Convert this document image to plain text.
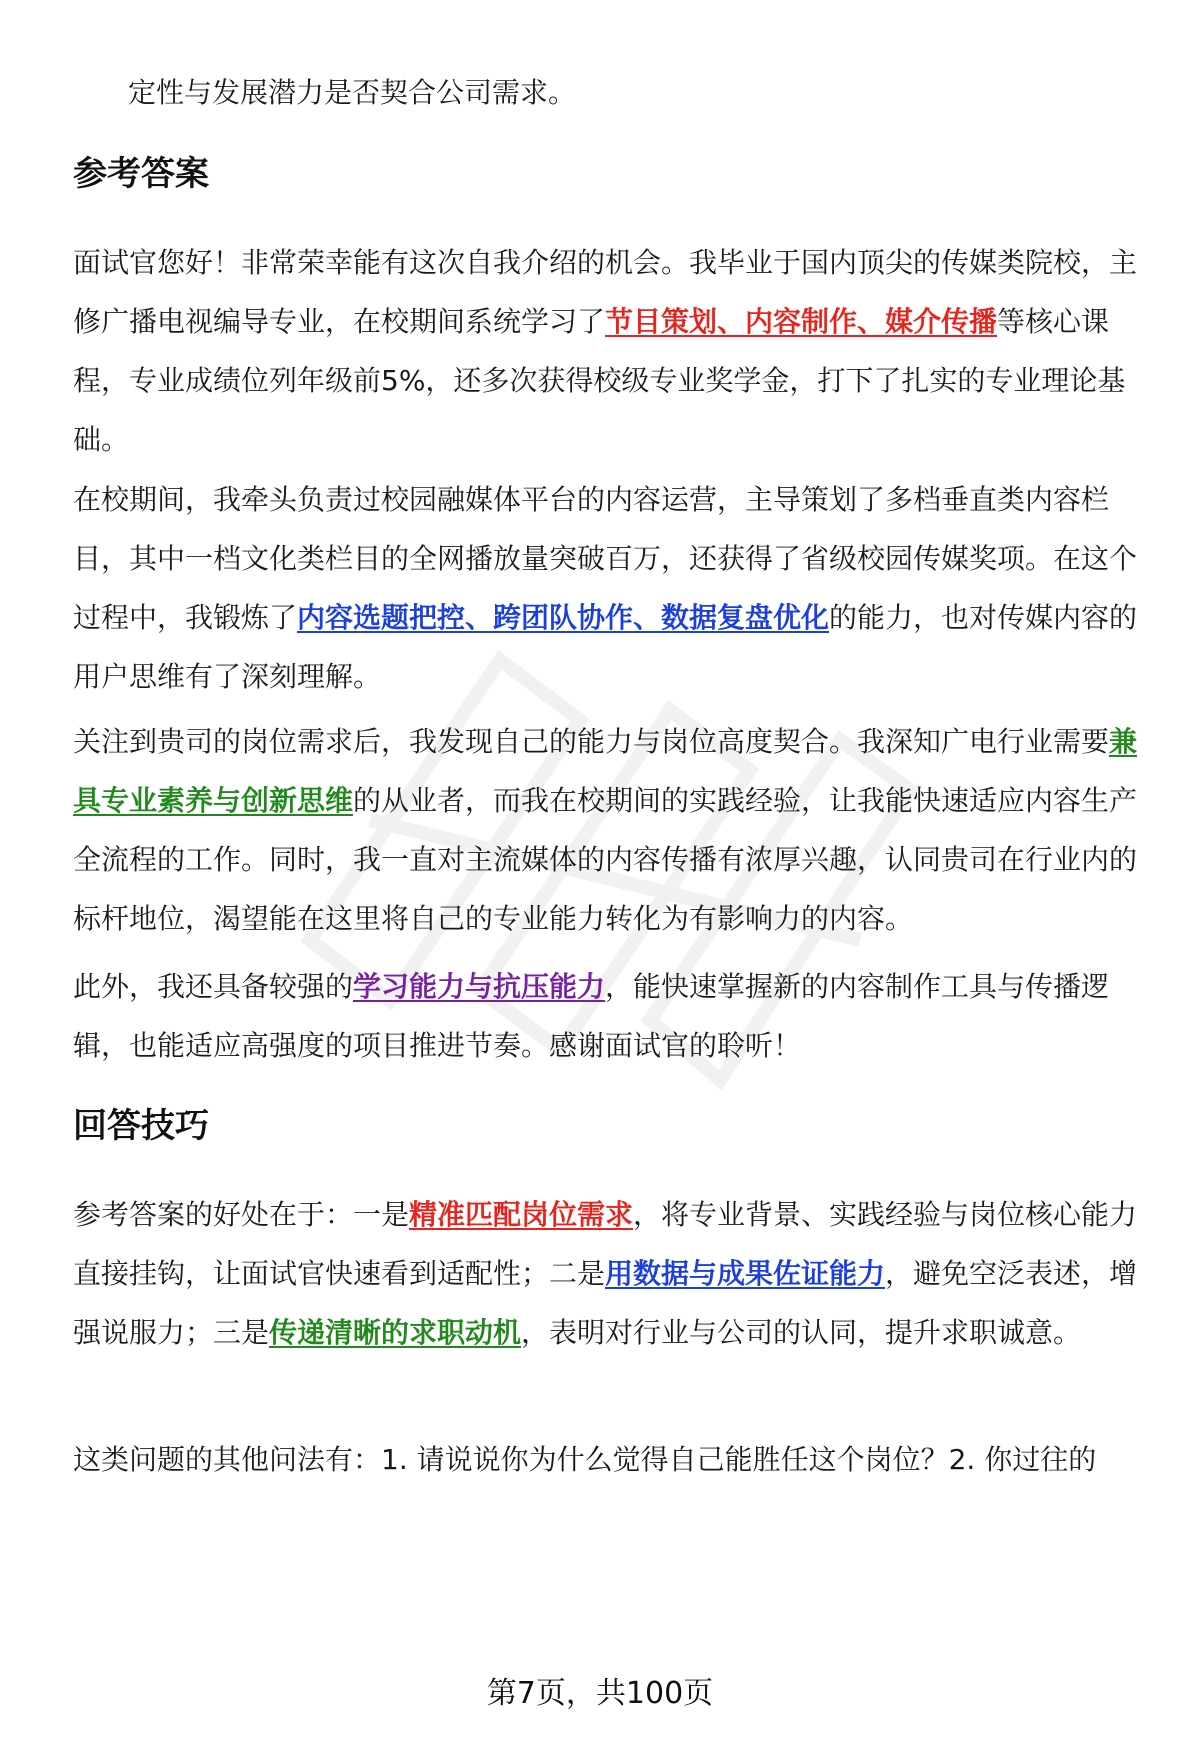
定性与发展潜力是否契合公司需求。

参考答案

面试官您好！非常荣幸能有这次自我介绍的机会。我毕业于国内顶尖的传媒类院校，主修广播电视编导专业，在校期间系统学习了节目策划、内容制作、媒介传播等核心课程，专业成绩位列年级前5%，还多次获得校级专业奖学金，打下了扎实的专业理论基础。

在校期间，我牵头负责过校园融媒体平台的内容运营，主导策划了多档垂直类内容栏目，其中一档文化类栏目的全网播放量突破百万，还获得了省级校园传媒奖项。在这个过程中，我锻炼了内容选题把控、跨团队协作、数据复盘优化的能力，也对传媒内容的用户思维有了深刻理解。

关注到贵司的岗位需求后，我发现自己的能力与岗位高度契合。我深知广电行业需要兼具专业素养与创新思维的从业者，而我在校期间的实践经验，让我能快速适应内容生产全流程的工作。同时，我一直对主流媒体的内容传播有浓厚兴趣，认同贵司在行业内的标杆地位，渴望能在这里将自己的专业能力转化为有影响力的内容。

此外，我还具备较强的学习能力与抗压能力，能快速掌握新的内容制作工具与传播逻辑，也能适应高强度的项目推进节奏。感谢面试官的聆听！

回答技巧

参考答案的好处在于：一是精准匹配岗位需求，将专业背景、实践经验与岗位核心能力直接挂钩，让面试官快速看到适配性；二是用数据与成果佐证能力，避免空泛表述，增强说服力；三是传递清晰的求职动机，表明对行业与公司的认同，提升求职诚意。

这类问题的其他问法有：1. 请说说你为什么觉得自己能胜任这个岗位？2. 你过往的

第7页，共100页
